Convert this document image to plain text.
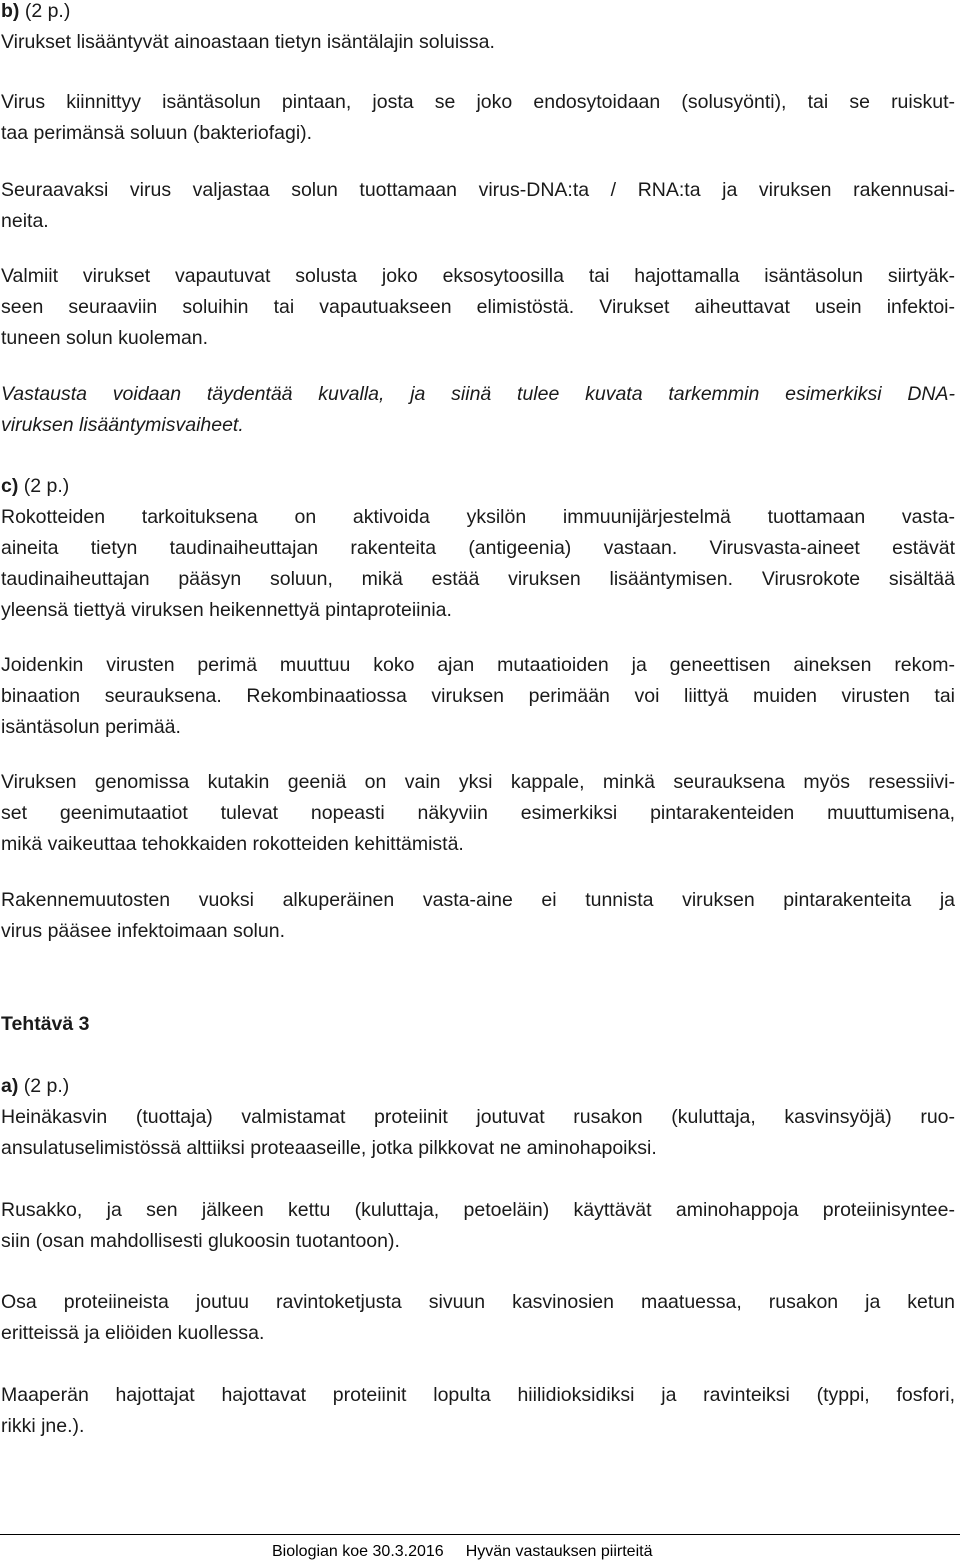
b) (2 p.)

Virukset lisääntyvät ainoastaan tietyn isäntälajin soluissa.

Virus kiinnittyy isäntäsolun pintaan, josta se joko endosytoidaan (solusyönti), tai se ruiskut-
taa perimänsä soluun (bakteriofagi).
Seuraavaksi virus valjastaa solun tuottamaan virus-DNA:ta / RNA:ta ja viruksen rakennusai-
neita.
Valmiit virukset vapautuvat solusta joko eksosytoosilla tai hajottamalla isäntäsolun siirtyäk-
seen seuraaviin soluihin tai vapautuakseen elimistöstä. Virukset aiheuttavat usein infektoi-
tuneen solun kuoleman.
Vastausta voidaan täydentää kuvalla, ja siinä tulee kuvata tarkemmin esimerkiksi DNA-
viruksen lisääntymisvaiheet.

c) (2 p.)

Rokotteiden tarkoituksena on aktivoida yksilön immuunijärjestelmä tuottamaan vasta-
aineita tietyn taudinaiheuttajan rakenteita (antigeenia) vastaan. Virusvasta-aineet estävät
taudinaiheuttajan pääsyn soluun, mikä estää viruksen lisääntymisen. Virusrokote sisältää
yleensä tiettyä viruksen heikennettyä pintaproteiinia.
Joidenkin virusten perimä muuttuu koko ajan mutaatioiden ja geneettisen aineksen rekom-
binaation seurauksena. Rekombinaatiossa viruksen perimään voi liittyä muiden virusten tai
isäntäsolun perimää.
Viruksen genomissa kutakin geeniä on vain yksi kappale, minkä seurauksena myös resessiivi-
set geenimutaatiot tulevat nopeasti näkyviin esimerkiksi pintarakenteiden muuttumisena,
mikä vaikeuttaa tehokkaiden rokotteiden kehittämistä.
Rakennemuutosten vuoksi alkuperäinen vasta-aine ei tunnista viruksen pintarakenteita ja
virus pääsee infektoimaan solun.
Tehtävä 3

a) (2 p.)

Heinäkasvin (tuottaja) valmistamat proteiinit joutuvat rusakon (kuluttaja, kasvinsyöjä) ruo-
ansulatuselimistössä alttiiksi proteaaseille, jotka pilkkovat ne aminohapoiksi.
Rusakko, ja sen jälkeen kettu (kuluttaja, petoeläin) käyttävät aminohappoja proteiinisyntee-
siin (osan mahdollisesti glukoosin tuotantoon).
Osa proteiineista joutuu ravintoketjusta sivuun kasvinosien maatuessa, rusakon ja ketun
eritteissä ja eliöiden kuollessa.
Maaperän hajottajat hajottavat proteiinit lopulta hiilidioksidiksi ja ravinteiksi (typpi, fosfori,
rikki jne.).
Biologian koe 30.3.2016 Hyvän vastauksen piirteitä
